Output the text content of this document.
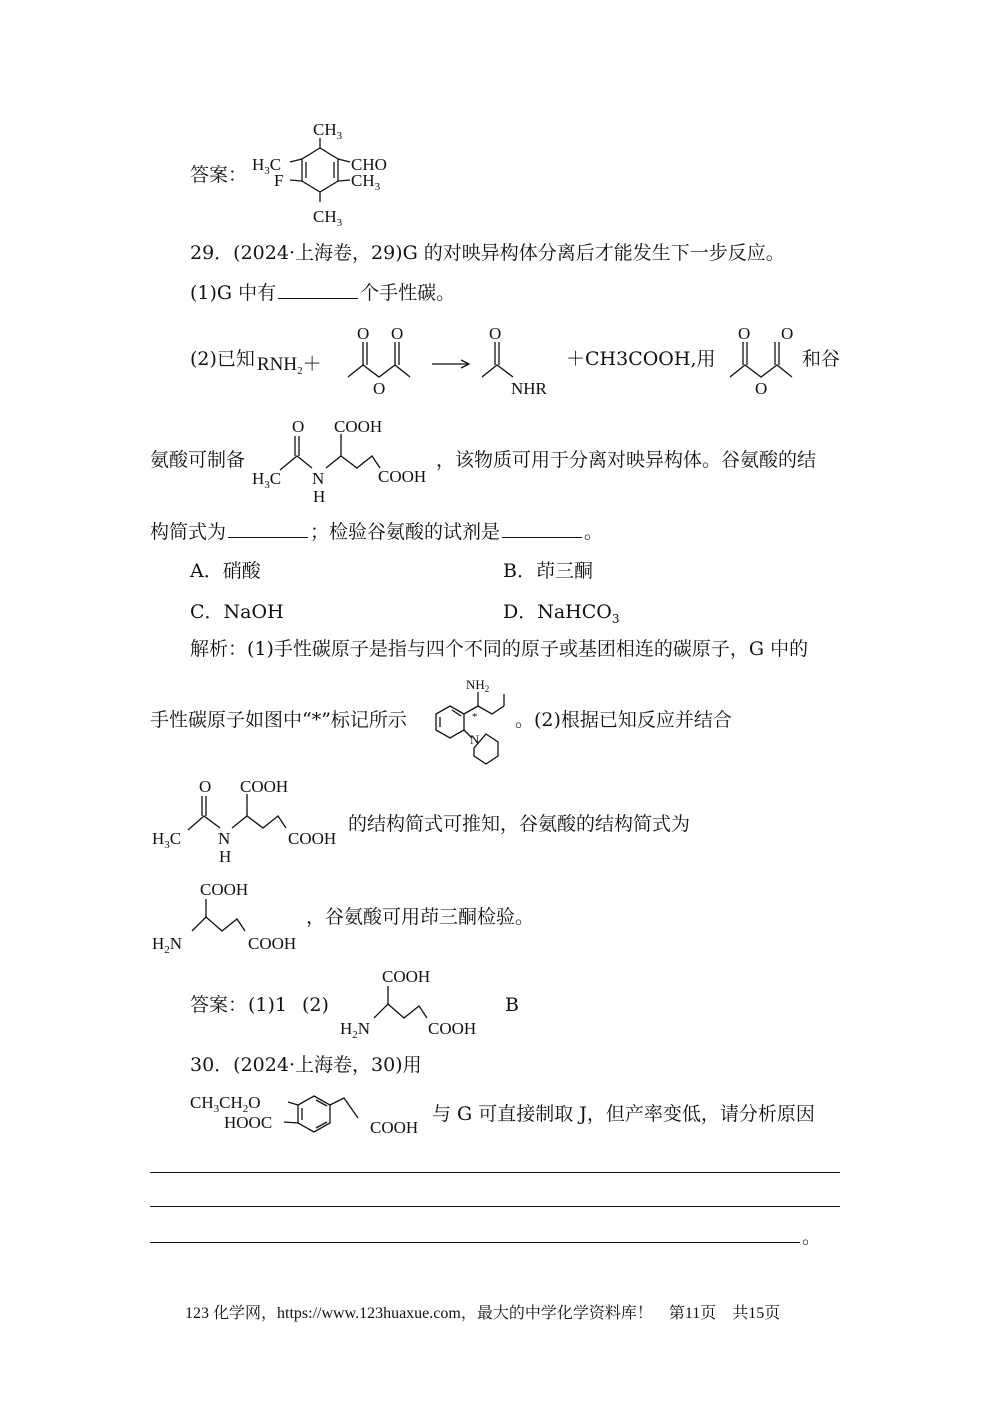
答案：
$CH_3$
$H_3C$	CHO
F	$CH_3$
$CH_3$
29．(2024·上海卷，29)G 的对映异构体分离后才能发生下一步反应。
(1)G 中有	个手性碳。
(2)已知 $RNH_2+$
O O
O
O
NHR
＋CH3COOH,用
O O
O
和谷
氨酸可制备
O
$H_3C$ N
H
COOH
COOH
，该物质可用于分离对映异构体。谷氨酸的结
构简式为	；检验谷氨酸的试剂是	。
A．硝酸	B．茚三酮
C．NaOH	D．NaHCO$_3$
解析：(1)手性碳原子是指与四个不同的原子或基团相连的碳原子，G 中的
手性碳原子如图中“*”标记所示
$NH_2$
*
N
。(2)根据已知反应并结合
O
$H_3C$ N
H
COOH
COOH
的结构简式可推知，谷氨酸的结构简式为
COOH
$H_2N$	COOH
，谷氨酸可用茚三酮检验。
答案： (1)1 (2)
COOH
$H_2N$	COOH
B
30．(2024·上海卷，30)用
$CH_3CH_2O$
HOOC	COOH
与 G 可直接制取 J，但产率变低，请分析原因
。
123 化学网，https://www.123huaxue.com，最大的中学化学资料库！　第11页　共15页
